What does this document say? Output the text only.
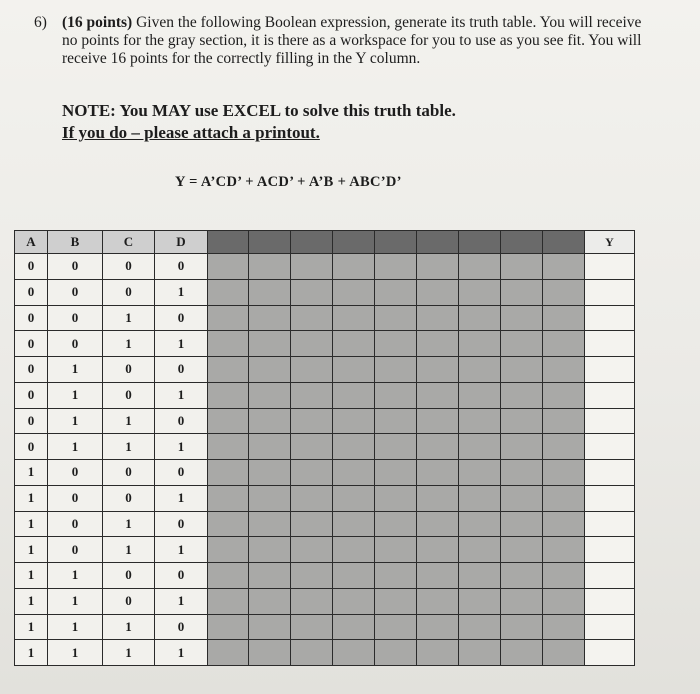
6) (16 points) Given the following Boolean expression, generate its truth table. You will receive no points for the gray section, it is there as a workspace for you to use as you see fit. You will receive 16 points for the correctly filling in the Y column.
NOTE: You MAY use EXCEL to solve this truth table.
If you do – please attach a printout.
Y = A’CD’ + ACD’ + A’B + ABC’D’
A	B	C	D										Y
0	0	0	0										
0	0	0	1										
0	0	1	0										
0	0	1	1										
0	1	0	0										
0	1	0	1										
0	1	1	0										
0	1	1	1										
1	0	0	0										
1	0	0	1										
1	0	1	0										
1	0	1	1										
1	1	0	0										
1	1	0	1										
1	1	1	0										
1	1	1	1										
